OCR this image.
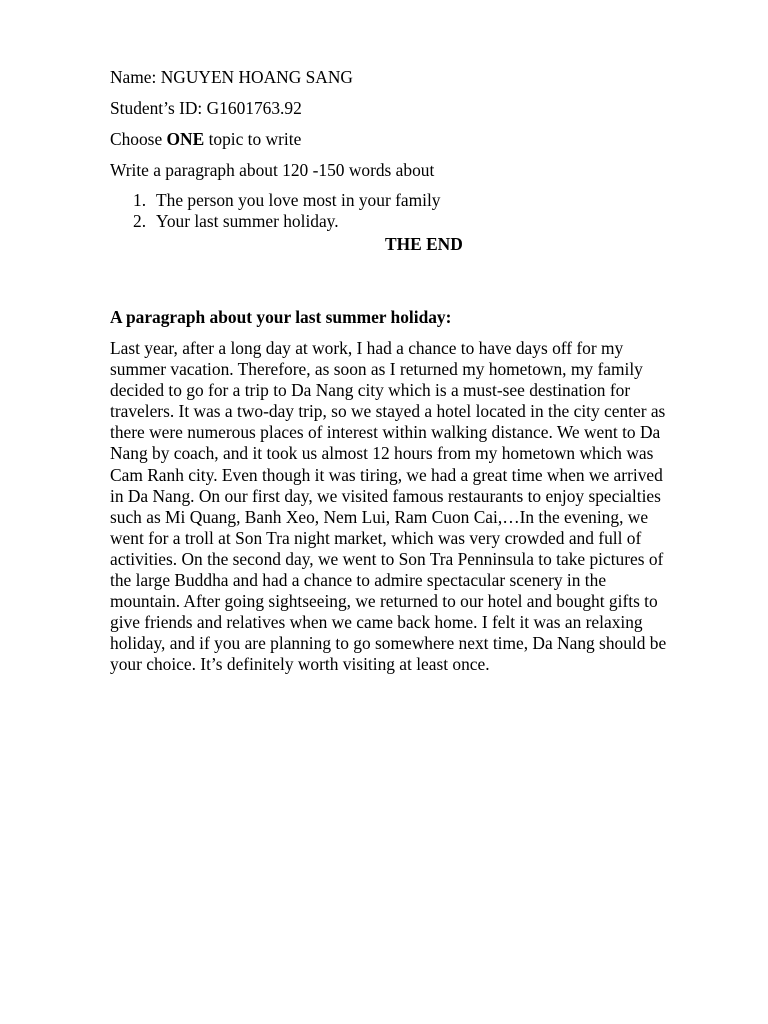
Name: NGUYEN HOANG SANG

Student’s ID: G1601763.92

Choose ONE topic to write

Write a paragraph about 120 -150 words about

1. The person you love most in your family
2. Your last summer holiday.
THE END
A paragraph about your last summer holiday:
Last year, after a long day at work, I had a chance to have days off for my
summer vacation. Therefore, as soon as I returned my hometown, my family
decided to go for a trip to Da Nang city which is a must-see destination for
travelers. It was a two-day trip, so we stayed a hotel located in the city center as
there were numerous places of interest within walking distance. We went to Da
Nang by coach, and it took us almost 12 hours from my hometown which was
Cam Ranh city. Even though it was tiring, we had a great time when we arrived
in Da Nang. On our first day, we visited famous restaurants to enjoy specialties
such as Mi Quang, Banh Xeo, Nem Lui, Ram Cuon Cai,…In the evening, we
went for a troll at Son Tra night market, which was very crowded and full of
activities. On the second day, we went to Son Tra Penninsula to take pictures of
the large Buddha and had a chance to admire spectacular scenery in the
mountain. After going sightseeing, we returned to our hotel and bought gifts to
give friends and relatives when we came back home. I felt it was an relaxing
holiday, and if you are planning to go somewhere next time, Da Nang should be
your choice. It’s definitely worth visiting at least once.
